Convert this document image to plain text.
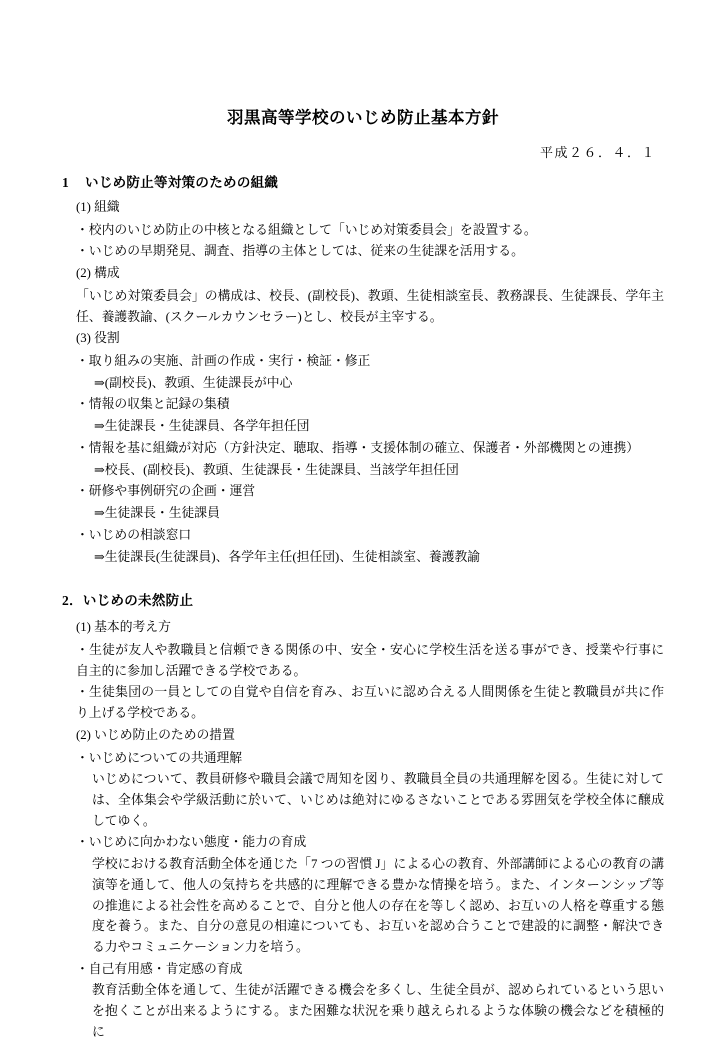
羽黒高等学校のいじめ防止基本方針
平成２６．４．１
1 いじめ防止等対策のための組織
(1) 組織
・校内のいじめ防止の中核となる組織として「いじめ対策委員会」を設置する。
・いじめの早期発見、調査、指導の主体としては、従来の生徒課を活用する。
(2) 構成
「いじめ対策委員会」の構成は、校長、(副校長)、教頭、生徒相談室長、教務課長、生徒課長、学年主任、養護教諭、(スクールカウンセラー)とし、校長が主宰する。
(3) 役割
・取り組みの実施、計画の作成・実行・検証・修正
⇒(副校長)、教頭、生徒課長が中心
・情報の収集と記録の集積
⇒生徒課長・生徒課員、各学年担任団
・情報を基に組織が対応（方針決定、聴取、指導・支援体制の確立、保護者・外部機関との連携）
⇒校長、(副校長)、教頭、生徒課長・生徒課員、当該学年担任団
・研修や事例研究の企画・運営
⇒生徒課長・生徒課員
・いじめの相談窓口
⇒生徒課長(生徒課員)、各学年主任(担任団)、生徒相談室、養護教諭
2．いじめの未然防止
(1) 基本的考え方
・生徒が友人や教職員と信頼できる関係の中、安全・安心に学校生活を送る事ができ、授業や行事に自主的に参加し活躍できる学校である。
・生徒集団の一員としての自覚や自信を育み、お互いに認め合える人間関係を生徒と教職員が共に作り上げる学校である。
(2) いじめ防止のための措置
・いじめについての共通理解
いじめについて、教員研修や職員会議で周知を図り、教職員全員の共通理解を図る。生徒に対しては、全体集会や学級活動に於いて、いじめは絶対にゆるさないことである雰囲気を学校全体に醸成してゆく。
・いじめに向かわない態度・能力の育成
学校における教育活動全体を通じた「7 つの習慣 J」による心の教育、外部講師による心の教育の講演等を通して、他人の気持ちを共感的に理解できる豊かな情操を培う。また、インターンシップ等の推進による社会性を高めることで、自分と他人の存在を等しく認め、お互いの人格を尊重する態度を養う。また、自分の意見の相違についても、お互いを認め合うことで建設的に調整・解決できる力やコミュニケーション力を培う。
・自己有用感・肯定感の育成
教育活動全体を通して、生徒が活躍できる機会を多くし、生徒全員が、認められているという思いを抱くことが出来るようにする。また困難な状況を乗り越えられるような体験の機会などを積極的に
